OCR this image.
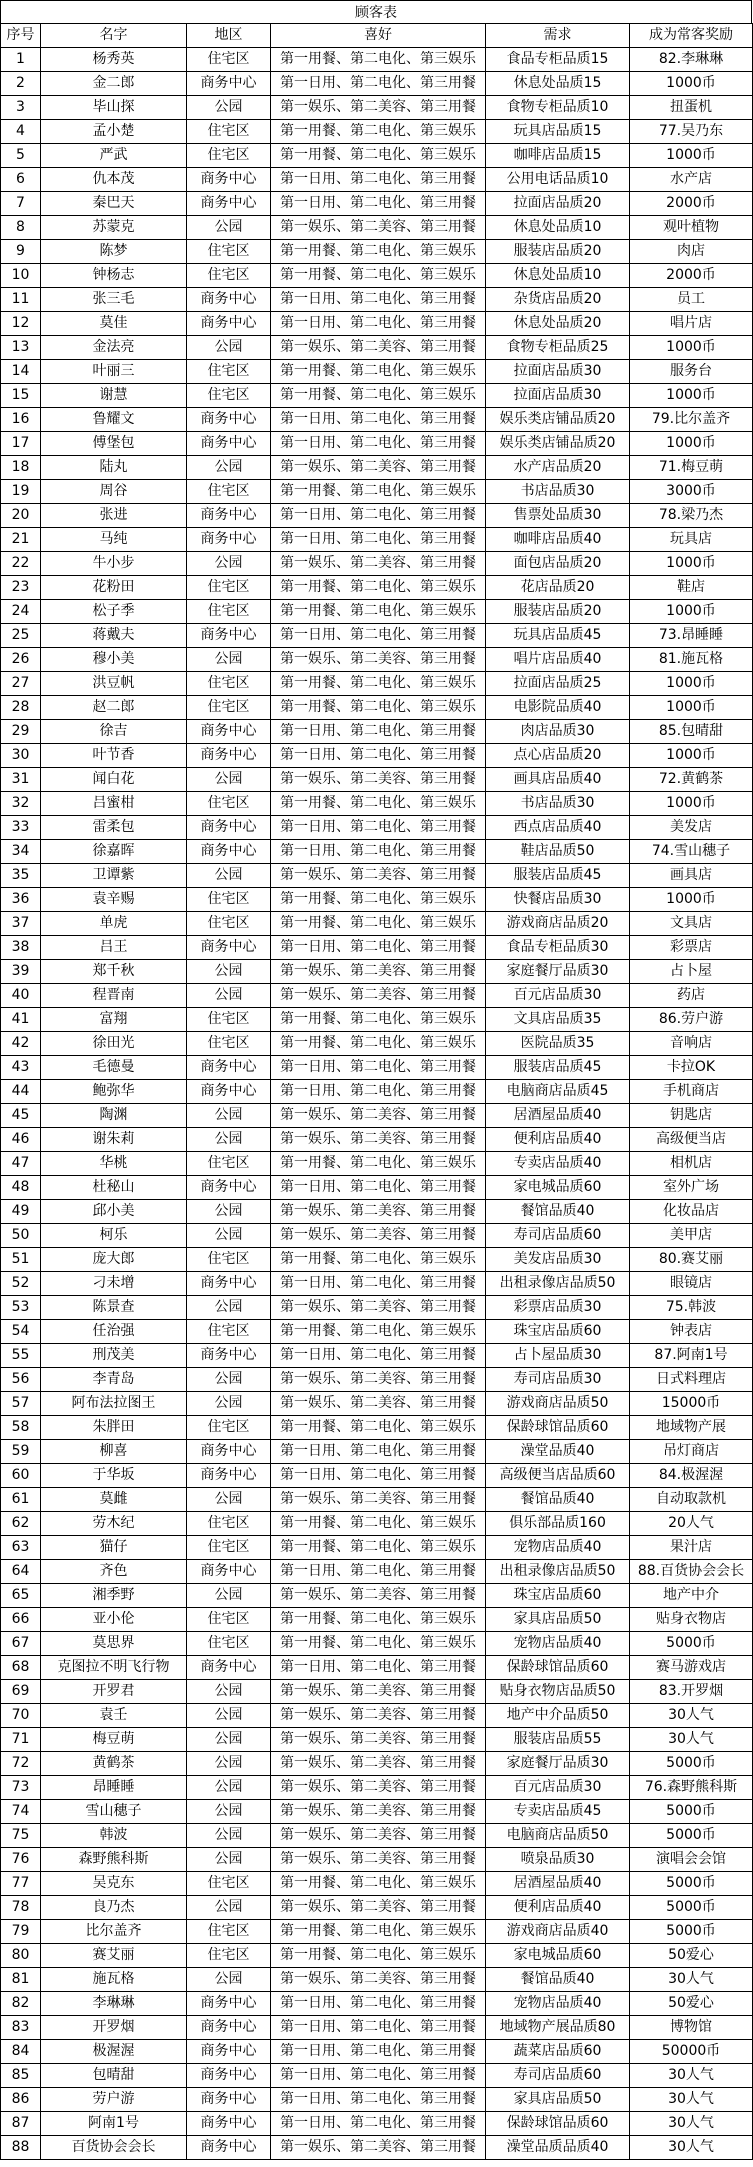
顾客表
序号	名字	地区	喜好	需求	成为常客奖励
1	杨秀英	住宅区	第一用餐、第二电化、第三娱乐	食品专柜品质15	82.李琳琳
2	金二郎	商务中心	第一日用、第二电化、第三用餐	休息处品质15	1000币
3	毕山探	公园	第一娱乐、第二美容、第三用餐	食物专柜品质10	扭蛋机
4	孟小楚	住宅区	第一用餐、第二电化、第三娱乐	玩具店品质15	77.吴乃东
5	严武	住宅区	第一用餐、第二电化、第三娱乐	咖啡店品质15	1000币
6	仇本茂	商务中心	第一日用、第二电化、第三用餐	公用电话品质10	水产店
7	秦巴天	商务中心	第一日用、第二电化、第三用餐	拉面店品质20	2000币
8	苏蒙克	公园	第一娱乐、第二美容、第三用餐	休息处品质10	观叶植物
9	陈梦	住宅区	第一用餐、第二电化、第三娱乐	服装店品质20	肉店
10	钟杨志	住宅区	第一用餐、第二电化、第三娱乐	休息处品质10	2000币
11	张三毛	商务中心	第一日用、第二电化、第三用餐	杂货店品质20	员工
12	莫佳	商务中心	第一日用、第二电化、第三用餐	休息处品质20	唱片店
13	金法亮	公园	第一娱乐、第二美容、第三用餐	食物专柜品质25	1000币
14	叶丽三	住宅区	第一用餐、第二电化、第三娱乐	拉面店品质30	服务台
15	谢慧	住宅区	第一用餐、第二电化、第三娱乐	拉面店品质30	1000币
16	鲁耀文	商务中心	第一日用、第二电化、第三用餐	娱乐类店铺品质20	79.比尔盖齐
17	傅堡包	商务中心	第一日用、第二电化、第三用餐	娱乐类店铺品质20	1000币
18	陆丸	公园	第一娱乐、第二美容、第三用餐	水产店品质20	71.梅豆萌
19	周谷	住宅区	第一用餐、第二电化、第三娱乐	书店品质30	3000币
20	张进	商务中心	第一日用、第二电化、第三用餐	售票处品质30	78.梁乃杰
21	马纯	商务中心	第一日用、第二电化、第三用餐	咖啡店品质40	玩具店
22	牛小步	公园	第一娱乐、第二美容、第三用餐	面包店品质20	1000币
23	花粉田	住宅区	第一用餐、第二电化、第三娱乐	花店品质20	鞋店
24	松子季	住宅区	第一用餐、第二电化、第三娱乐	服装店品质20	1000币
25	蒋戴夫	商务中心	第一日用、第二电化、第三用餐	玩具店品质45	73.昂睡睡
26	穆小美	公园	第一娱乐、第二美容、第三用餐	唱片店品质40	81.施瓦格
27	洪豆帆	住宅区	第一用餐、第二电化、第三娱乐	拉面店品质25	1000币
28	赵二郎	住宅区	第一用餐、第二电化、第三娱乐	电影院品质40	1000币
29	徐吉	商务中心	第一日用、第二电化、第三用餐	肉店品质30	85.包晴甜
30	叶节香	商务中心	第一日用、第二电化、第三用餐	点心店品质20	1000币
31	闻白花	公园	第一娱乐、第二美容、第三用餐	画具店品质40	72.黄鹤茶
32	吕蜜柑	住宅区	第一用餐、第二电化、第三娱乐	书店品质30	1000币
33	雷柔包	商务中心	第一日用、第二电化、第三用餐	西点店品质40	美发店
34	徐嘉晖	商务中心	第一日用、第二电化、第三用餐	鞋店品质50	74.雪山穗子
35	卫谭紫	公园	第一娱乐、第二美容、第三用餐	服装店品质45	画具店
36	袁辛赐	住宅区	第一用餐、第二电化、第三娱乐	快餐店品质30	1000币
37	单虎	住宅区	第一用餐、第二电化、第三娱乐	游戏商店品质20	文具店
38	吕王	商务中心	第一日用、第二电化、第三用餐	食品专柜品质30	彩票店
39	郑千秋	公园	第一娱乐、第二美容、第三用餐	家庭餐厅品质30	占卜屋
40	程晋南	公园	第一娱乐、第二美容、第三用餐	百元店品质30	药店
41	富翔	住宅区	第一用餐、第二电化、第三娱乐	文具店品质35	86.劳户游
42	徐田光	住宅区	第一用餐、第二电化、第三娱乐	医院品质35	音响店
43	毛德曼	商务中心	第一日用、第二电化、第三用餐	服装店品质45	卡拉OK
44	鲍弥华	商务中心	第一日用、第二电化、第三用餐	电脑商店品质45	手机商店
45	陶渊	公园	第一娱乐、第二美容、第三用餐	居酒屋品质40	钥匙店
46	谢朱莉	公园	第一娱乐、第二美容、第三用餐	便利店品质40	高级便当店
47	华桃	住宅区	第一用餐、第二电化、第三娱乐	专卖店品质40	相机店
48	杜秘山	商务中心	第一日用、第二电化、第三用餐	家电城品质60	室外广场
49	邱小美	公园	第一娱乐、第二美容、第三用餐	餐馆品质40	化妆品店
50	柯乐	公园	第一娱乐、第二美容、第三用餐	寿司店品质60	美甲店
51	庞大郎	住宅区	第一用餐、第二电化、第三娱乐	美发店品质30	80.赛艾丽
52	刁未增	商务中心	第一日用、第二电化、第三用餐	出租录像店品质50	眼镜店
53	陈景查	公园	第一娱乐、第二美容、第三用餐	彩票店品质30	75.韩波
54	任治强	住宅区	第一用餐、第二电化、第三娱乐	珠宝店品质60	钟表店
55	刑茂美	商务中心	第一日用、第二电化、第三用餐	占卜屋品质30	87.阿南1号
56	李青岛	公园	第一娱乐、第二美容、第三用餐	寿司店品质30	日式料理店
57	阿布法拉图王	公园	第一娱乐、第二美容、第三用餐	游戏商店品质50	15000币
58	朱胖田	住宅区	第一用餐、第二电化、第三娱乐	保龄球馆品质60	地域物产展
59	柳喜	商务中心	第一日用、第二电化、第三用餐	澡堂品质40	吊灯商店
60	于华坂	商务中心	第一日用、第二电化、第三用餐	高级便当店品质60	84.极渥渥
61	莫雌	公园	第一娱乐、第二美容、第三用餐	餐馆品质40	自动取款机
62	劳木纪	住宅区	第一用餐、第二电化、第三娱乐	俱乐部品质160	20人气
63	猫仔	住宅区	第一用餐、第二电化、第三娱乐	宠物店品质40	果汁店
64	齐色	商务中心	第一日用、第二电化、第三用餐	出租录像店品质50	88.百货协会会长
65	湘季野	公园	第一娱乐、第二美容、第三用餐	珠宝店品质60	地产中介
66	亚小伦	住宅区	第一用餐、第二电化、第三娱乐	家具店品质50	贴身衣物店
67	莫思界	住宅区	第一用餐、第二电化、第三娱乐	宠物店品质40	5000币
68	克图拉不明飞行物	商务中心	第一日用、第二电化、第三用餐	保龄球馆品质60	赛马游戏店
69	开罗君	公园	第一娱乐、第二美容、第三用餐	贴身衣物店品质50	83.开罗烟
70	袁壬	公园	第一娱乐、第二美容、第三用餐	地产中介品质50	30人气
71	梅豆萌	公园	第一娱乐、第二美容、第三用餐	服装店品质55	30人气
72	黄鹤茶	公园	第一娱乐、第二美容、第三用餐	家庭餐厅品质30	5000币
73	昂睡睡	公园	第一娱乐、第二美容、第三用餐	百元店品质30	76.森野熊科斯
74	雪山穗子	公园	第一娱乐、第二美容、第三用餐	专卖店品质45	5000币
75	韩波	公园	第一娱乐、第二美容、第三用餐	电脑商店品质50	5000币
76	森野熊科斯	公园	第一娱乐、第二美容、第三用餐	喷泉品质30	演唱会会馆
77	吴克东	住宅区	第一用餐、第二电化、第三娱乐	居酒屋品质40	5000币
78	良乃杰	公园	第一娱乐、第二美容、第三用餐	便利店品质40	5000币
79	比尔盖齐	住宅区	第一用餐、第二电化、第三娱乐	游戏商店品质40	5000币
80	赛艾丽	住宅区	第一用餐、第二电化、第三娱乐	家电城品质60	50爱心
81	施瓦格	公园	第一娱乐、第二美容、第三用餐	餐馆品质40	30人气
82	李琳琳	商务中心	第一日用、第二电化、第三用餐	宠物店品质40	50爱心
83	开罗烟	商务中心	第一日用、第二电化、第三用餐	地域物产展品质80	博物馆
84	极渥渥	商务中心	第一日用、第二电化、第三用餐	蔬菜店品质60	50000币
85	包晴甜	商务中心	第一日用、第二电化、第三用餐	寿司店品质60	30人气
86	劳户游	商务中心	第一日用、第二电化、第三用餐	家具店品质50	30人气
87	阿南1号	商务中心	第一日用、第二电化、第三用餐	保龄球馆品质60	30人气
88	百货协会会长	商务中心	第一娱乐、第二美容、第三用餐	澡堂品质品质40	30人气
